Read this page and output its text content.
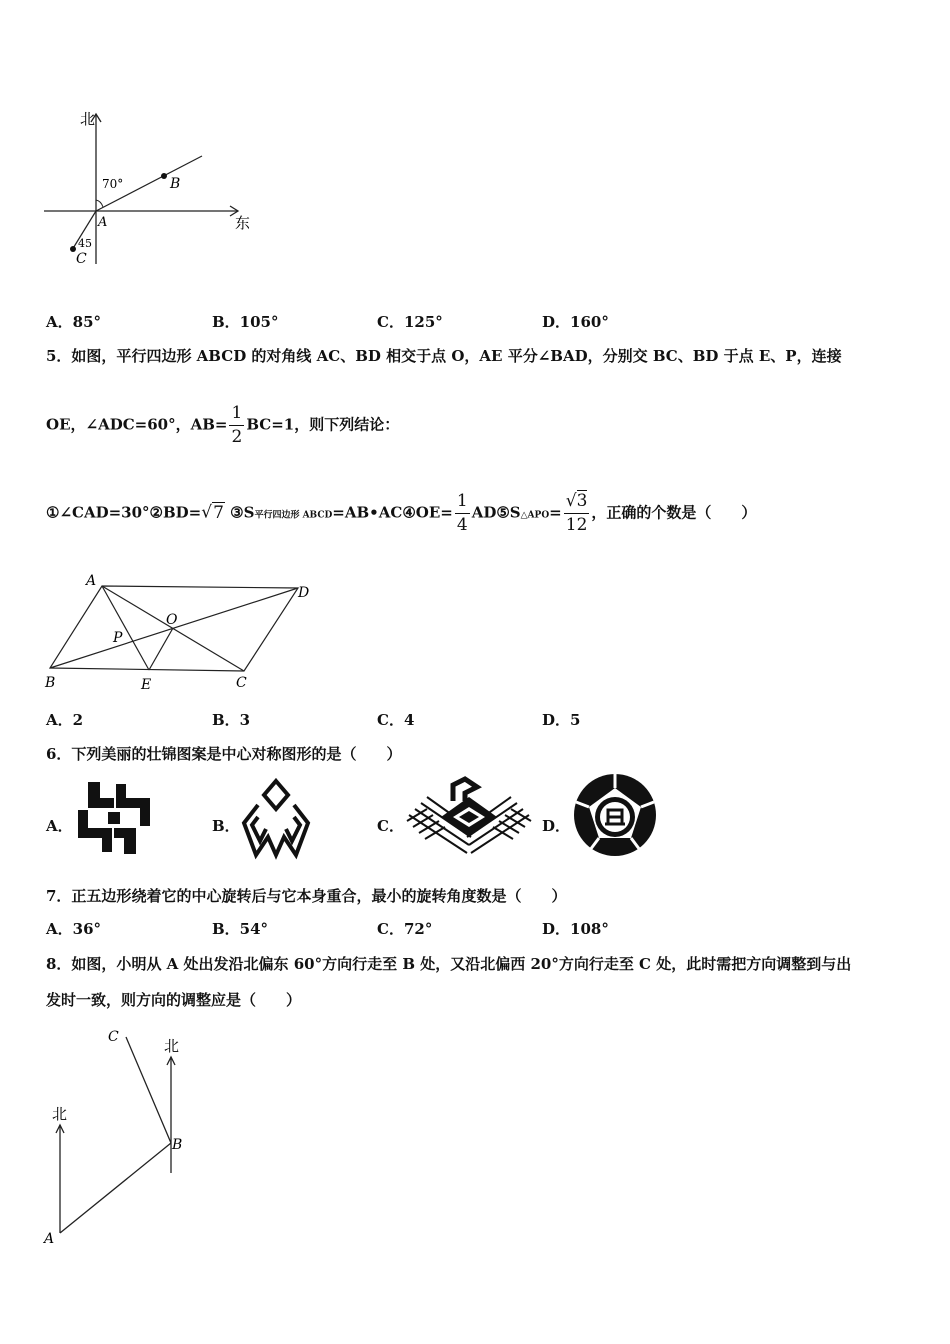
北
东
70°
45
A
B
C
A．85°	B．105°	C．125°	D．160°
5．如图，平行四边形 ABCD 的对角线 AC、BD 相交于点 O，AE 平分∠BAD，分别交 BC、BD 于点 E、P，连接
OE，∠ADC=60°，$AB= \frac{1}{2} BC=1$，则下列结论：
①∠CAD=30°②BD=√7 ③S平行四边形 ABCD=AB•AC④OE= $\frac{1}{4}$ AD⑤S△APO= $\frac{√3}{12}$ ，正确的个数是（　　）
A
D
B	C
O
P
E
A．2	B．3	C．4	D．5
6．下列美丽的壮锦图案是中心对称图形的是（　　）
A．	B．	C．	D．
7．正五边形绕着它的中心旋转后与它本身重合，最小的旋转角度数是（　　）
A．36°	B．54°	C．72°	D．108°
8．如图，小明从 A 处出发沿北偏东 60°方向行走至 B 处，又沿北偏西 20°方向行走至 C 处，此时需把方向调整到与出
发时一致，则方向的调整应是（　　）
北
北
A
B
C
